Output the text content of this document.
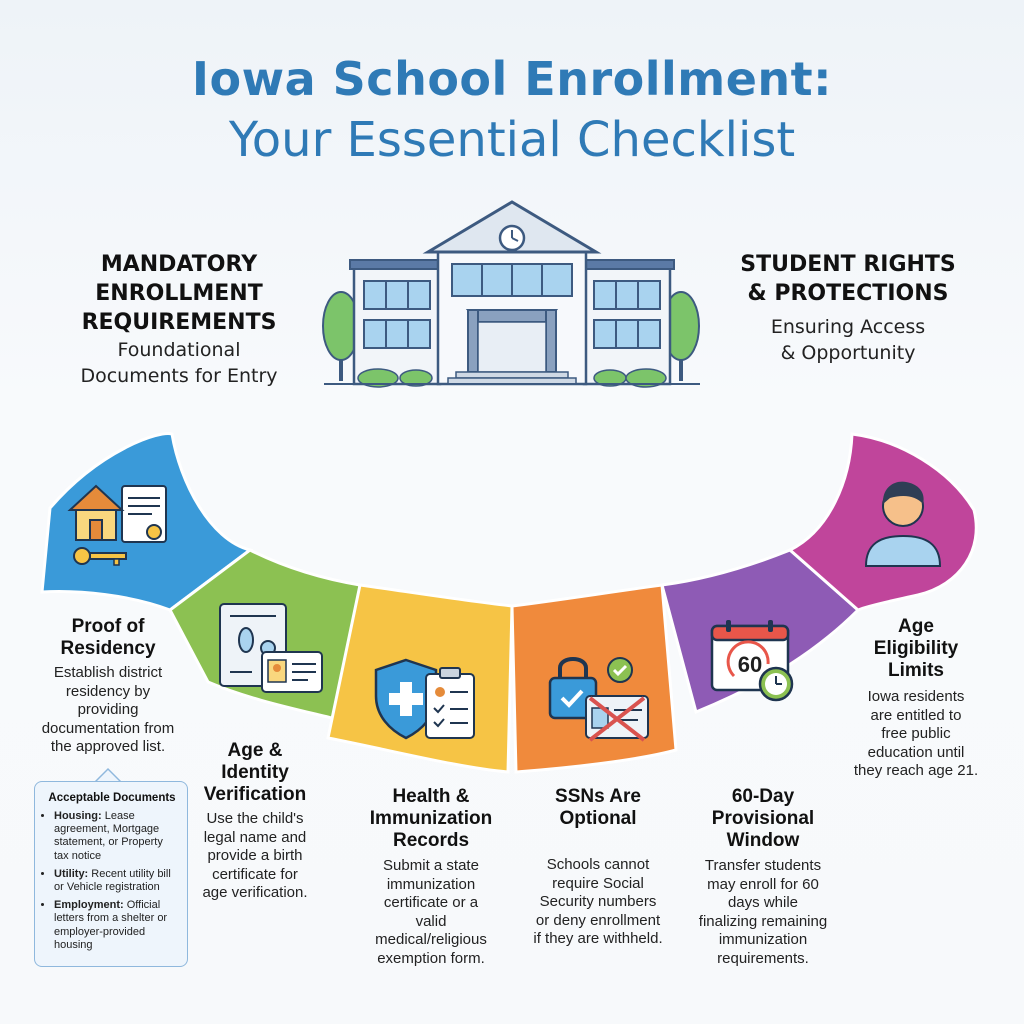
Iowa School Enrollment:
Your Essential Checklist
MANDATORY
ENROLLMENT
REQUIREMENTS
Foundational
Documents for Entry
STUDENT RIGHTS
& PROTECTIONS
Ensuring Access
& Opportunity
60
Proof of
Residency
Establish district
residency by
providing
documentation from
the approved list.
Acceptable Documents
• Housing: Lease agreement, Mortgage statement, or Property tax notice
• Utility: Recent utility bill or Vehicle registration
• Employment: Official letters from a shelter or employer-provided housing
Age &
Identity
Verification
Use the child's
legal name and
provide a birth
certificate for
age verification.
Health &
Immunization
Records
Submit a state
immunization
certificate or a
valid
medical/religious
exemption form.
SSNs Are
Optional
Schools cannot
require Social
Security numbers
or deny enrollment
if they are withheld.
60-Day
Provisional
Window
Transfer students
may enroll for 60
days while
finalizing remaining
immunization
requirements.
Age
Eligibility
Limits
Iowa residents
are entitled to
free public
education until
they reach age 21.
